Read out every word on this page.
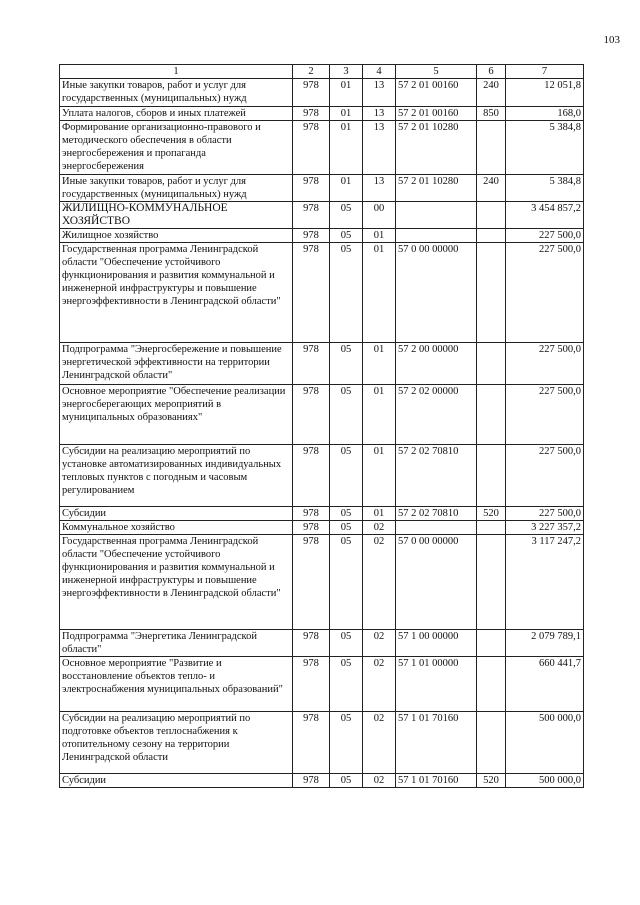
103
1	2	3	4	5	6	7
Иные закупки товаров, работ и услуг для государственных (муниципальных) нужд	978	01	13	57 2 01 00160	240	12 051,8
Уплата налогов, сборов и иных платежей	978	01	13	57 2 01 00160	850	168,0
Формирование организационно-правового и методического обеспечения в области энергосбережения и пропаганда энергосбережения	978	01	13	57 2 01 10280		5 384,8
Иные закупки товаров, работ и услуг для государственных (муниципальных) нужд	978	01	13	57 2 01 10280	240	5 384,8
ЖИЛИЩНО-КОММУНАЛЬНОЕ ХОЗЯЙСТВО	978	05	00			3 454 857,2
Жилищное хозяйство	978	05	01			227 500,0
Государственная программа Ленинградской области "Обеспечение устойчивого функционирования и развития коммунальной и инженерной инфраструктуры и повышение энергоэффективности в Ленинградской области"	978	05	01	57 0 00 00000		227 500,0
Подпрограмма "Энергосбережение и повышение энергетической эффективности на территории Ленинградской области"	978	05	01	57 2 00 00000		227 500,0
Основное мероприятие "Обеспечение реализации энергосберегающих мероприятий в муниципальных образованиях"	978	05	01	57 2 02 00000		227 500,0
Субсидии на реализацию мероприятий по установке автоматизированных индивидуальных тепловых пунктов с погодным и часовым регулированием	978	05	01	57 2 02 70810		227 500,0
Субсидии	978	05	01	57 2 02 70810	520	227 500,0
Коммунальное хозяйство	978	05	02			3 227 357,2
Государственная программа Ленинградской области "Обеспечение устойчивого функционирования и развития коммунальной и инженерной инфраструктуры и повышение энергоэффективности в Ленинградской области"	978	05	02	57 0 00 00000		3 117 247,2
Подпрограмма "Энергетика Ленинградской области"	978	05	02	57 1 00 00000		2 079 789,1
Основное мероприятие "Развитие и восстановление объектов тепло- и электроснабжения муниципальных образований"	978	05	02	57 1 01 00000		660 441,7
Субсидии на реализацию мероприятий по подготовке объектов теплоснабжения к отопительному сезону на территории Ленинградской области	978	05	02	57 1 01 70160		500 000,0
Субсидии	978	05	02	57 1 01 70160	520	500 000,0
